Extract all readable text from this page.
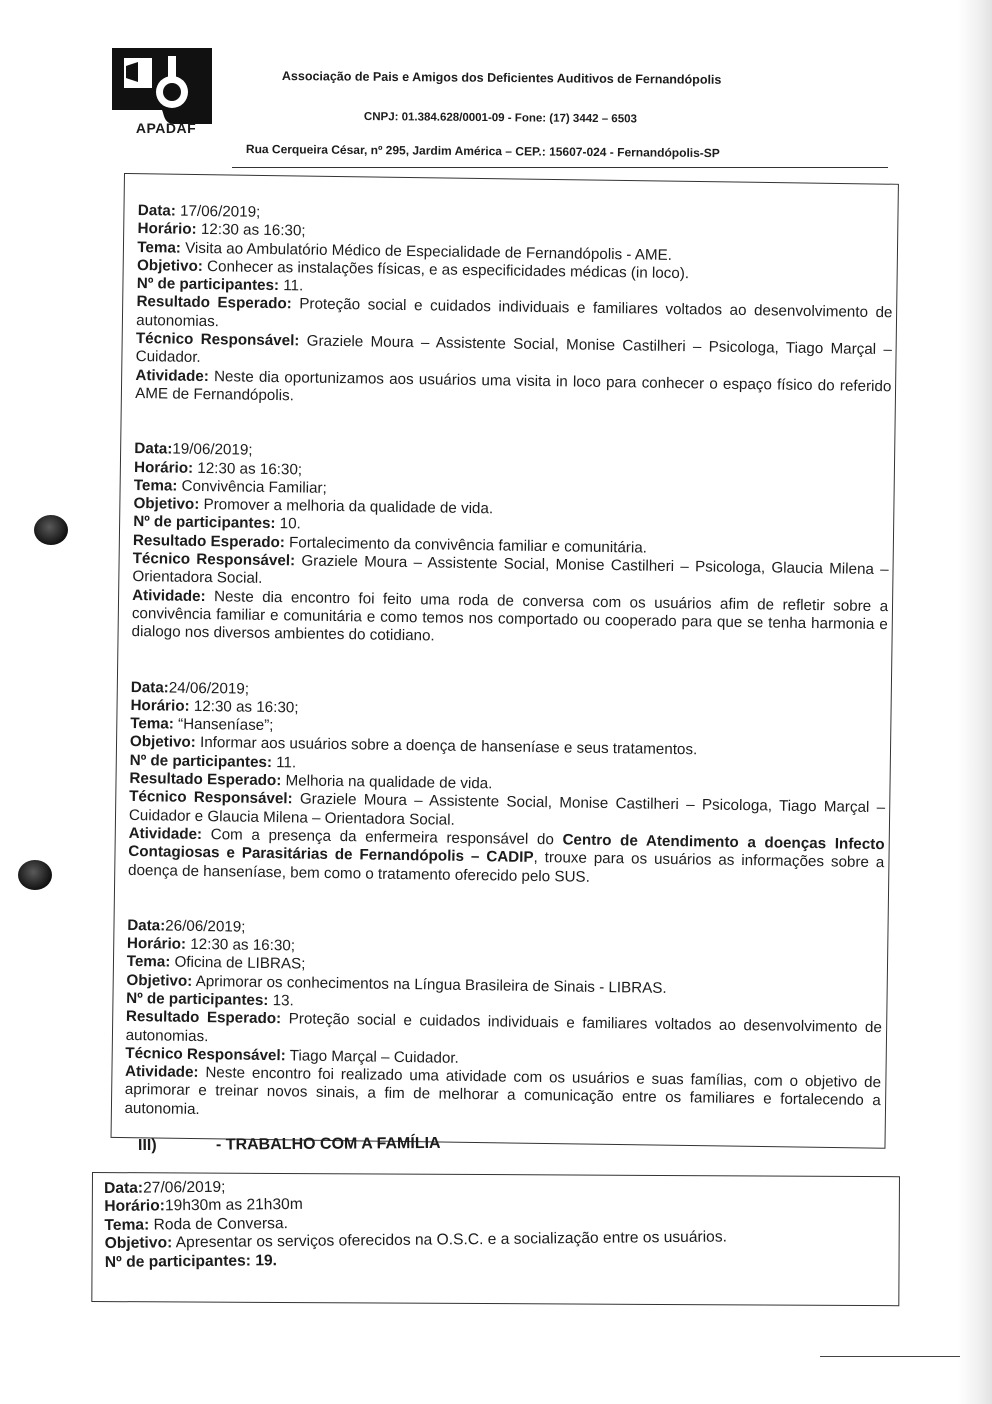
APADAF
Associação de Pais e Amigos dos Deficientes Auditivos de Fernandópolis
CNPJ: 01.384.628/0001-09 - Fone: (17) 3442 – 6503
Rua Cerqueira César, nº 295, Jardim América – CEP.: 15607-024 - Fernandópolis-SP
Data: 17/06/2019;
Horário: 12:30 as 16:30;
Tema: Visita ao Ambulatório Médico de Especialidade de Fernandópolis - AME.
Objetivo: Conhecer as instalações físicas, e as especificidades médicas (in loco).
Nº de participantes: 11.
Resultado Esperado: Proteção social e cuidados individuais e familiares voltados ao desenvolvimento de autonomias.
Técnico Responsável: Graziele Moura – Assistente Social, Monise Castilheri – Psicologa, Tiago Marçal – Cuidador.
Atividade: Neste dia oportunizamos aos usuários uma visita in loco para conhecer o espaço físico do referido AME de Fernandópolis.
Data:19/06/2019;
Horário: 12:30 as 16:30;
Tema: Convivência Familiar;
Objetivo: Promover a melhoria da qualidade de vida.
Nº de participantes: 10.
Resultado Esperado: Fortalecimento da convivência familiar e comunitária.
Técnico Responsável: Graziele Moura – Assistente Social, Monise Castilheri – Psicologa, Glaucia Milena – Orientadora Social.
Atividade: Neste dia encontro foi feito uma roda de conversa com os usuários afim de refletir sobre a convivência familiar e comunitária e como temos nos comportado ou cooperado para que se tenha harmonia e dialogo nos diversos ambientes do cotidiano.
Data:24/06/2019;
Horário: 12:30 as 16:30;
Tema: “Hanseníase”;
Objetivo: Informar aos usuários sobre a doença de hanseníase e seus tratamentos.
Nº de participantes: 11.
Resultado Esperado: Melhoria na qualidade de vida.
Técnico Responsável: Graziele Moura – Assistente Social, Monise Castilheri – Psicologa, Tiago Marçal – Cuidador e Glaucia Milena – Orientadora Social.
Atividade: Com a presença da enfermeira responsável do Centro de Atendimento a doenças Infecto Contagiosas e Parasitárias de Fernandópolis – CADIP, trouxe para os usuários as informações sobre a doença de hanseníase, bem como o tratamento oferecido pelo SUS.
Data:26/06/2019;
Horário: 12:30 as 16:30;
Tema: Oficina de LIBRAS;
Objetivo: Aprimorar os conhecimentos na Língua Brasileira de Sinais - LIBRAS.
Nº de participantes: 13.
Resultado Esperado: Proteção social e cuidados individuais e familiares voltados ao desenvolvimento de autonomias.
Técnico Responsável: Tiago Marçal – Cuidador.
Atividade: Neste encontro foi realizado uma atividade com os usuários e suas famílias, com o objetivo de aprimorar e treinar novos sinais, a fim de melhorar a comunicação entre os familiares e fortalecendo a autonomia.
III)	- TRABALHO COM A FAMÍLIA
Data:27/06/2019;
Horário:19h30m as 21h30m
Tema: Roda de Conversa.
Objetivo: Apresentar os serviços oferecidos na O.S.C. e a socialização entre os usuários.
Nº de participantes: 19.
